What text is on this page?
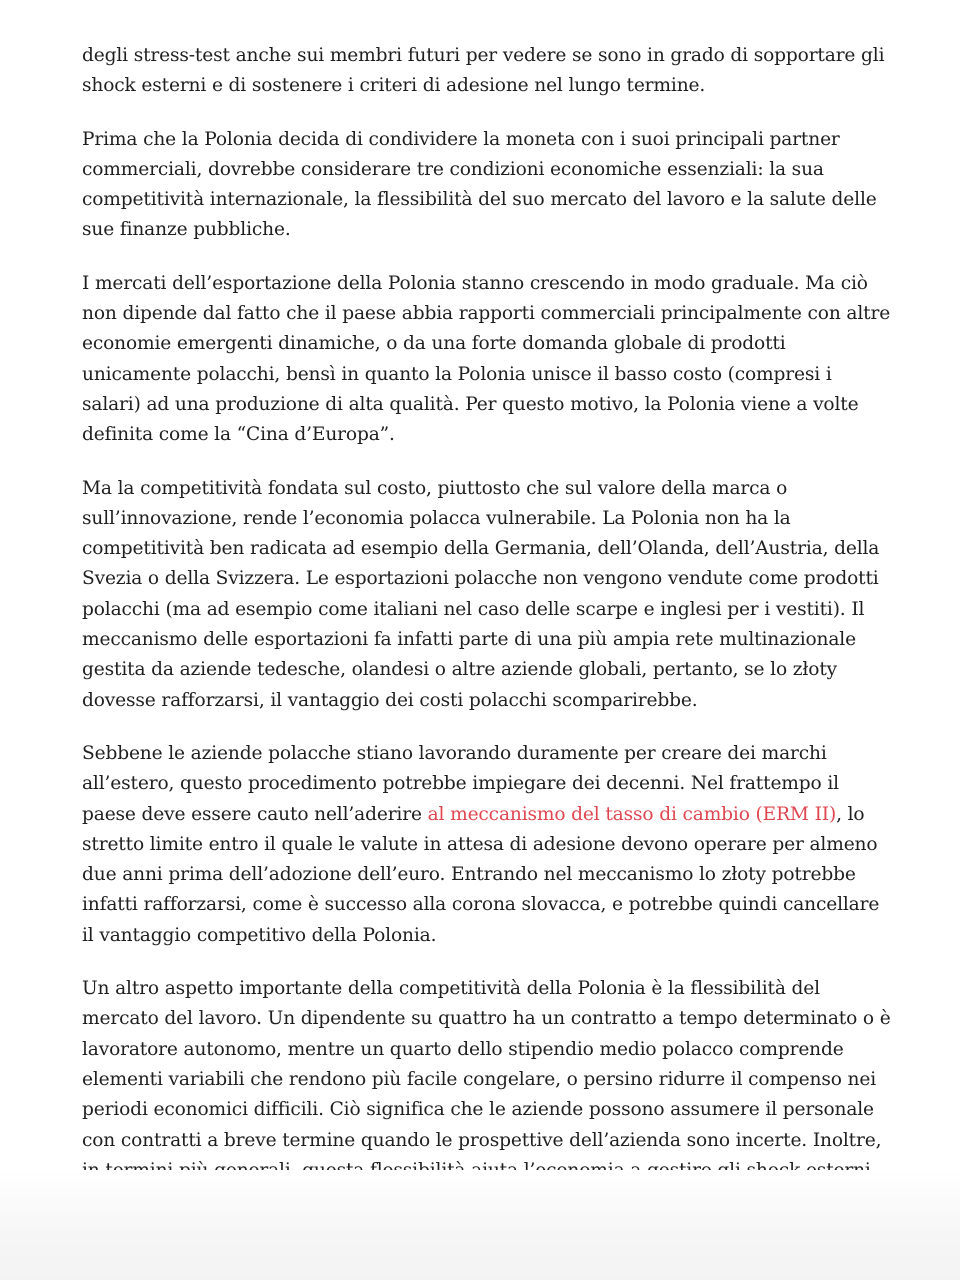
degli stress-test anche sui membri futuri per vedere se sono in grado di sopportare gli shock esterni e di sostenere i criteri di adesione nel lungo termine.

Prima che la Polonia decida di condividere la moneta con i suoi principali partner commerciali, dovrebbe considerare tre condizioni economiche essenziali: la sua competitività internazionale, la flessibilità del suo mercato del lavoro e la salute delle sue finanze pubbliche.

I mercati dell’esportazione della Polonia stanno crescendo in modo graduale. Ma ciò non dipende dal fatto che il paese abbia rapporti commerciali principalmente con altre economie emergenti dinamiche, o da una forte domanda globale di prodotti unicamente polacchi, bensì in quanto la Polonia unisce il basso costo (compresi i salari) ad una produzione di alta qualità. Per questo motivo, la Polonia viene a volte definita come la “Cina d’Europa”.

Ma la competitività fondata sul costo, piuttosto che sul valore della marca o sull’innovazione, rende l’economia polacca vulnerabile. La Polonia non ha la competitività ben radicata ad esempio della Germania, dell’Olanda, dell’Austria, della Svezia o della Svizzera. Le esportazioni polacche non vengono vendute come prodotti polacchi (ma ad esempio come italiani nel caso delle scarpe e inglesi per i vestiti). Il meccanismo delle esportazioni fa infatti parte di una più ampia rete multinazionale gestita da aziende tedesche, olandesi o altre aziende globali, pertanto, se lo złoty dovesse rafforzarsi, il vantaggio dei costi polacchi scomparirebbe.

Sebbene le aziende polacche stiano lavorando duramente per creare dei marchi all’estero, questo procedimento potrebbe impiegare dei decenni. Nel frattempo il paese deve essere cauto nell’aderire al meccanismo del tasso di cambio (ERM II), lo stretto limite entro il quale le valute in attesa di adesione devono operare per almeno due anni prima dell’adozione dell’euro. Entrando nel meccanismo lo złoty potrebbe infatti rafforzarsi, come è successo alla corona slovacca, e potrebbe quindi cancellare il vantaggio competitivo della Polonia.

Un altro aspetto importante della competitività della Polonia è la flessibilità del mercato del lavoro. Un dipendente su quattro ha un contratto a tempo determinato o è lavoratore autonomo, mentre un quarto dello stipendio medio polacco comprende elementi variabili che rendono più facile congelare, o persino ridurre il compenso nei periodi economici difficili. Ciò significa che le aziende possono assumere il personale con contratti a breve termine quando le prospettive dell’azienda sono incerte. Inoltre,
